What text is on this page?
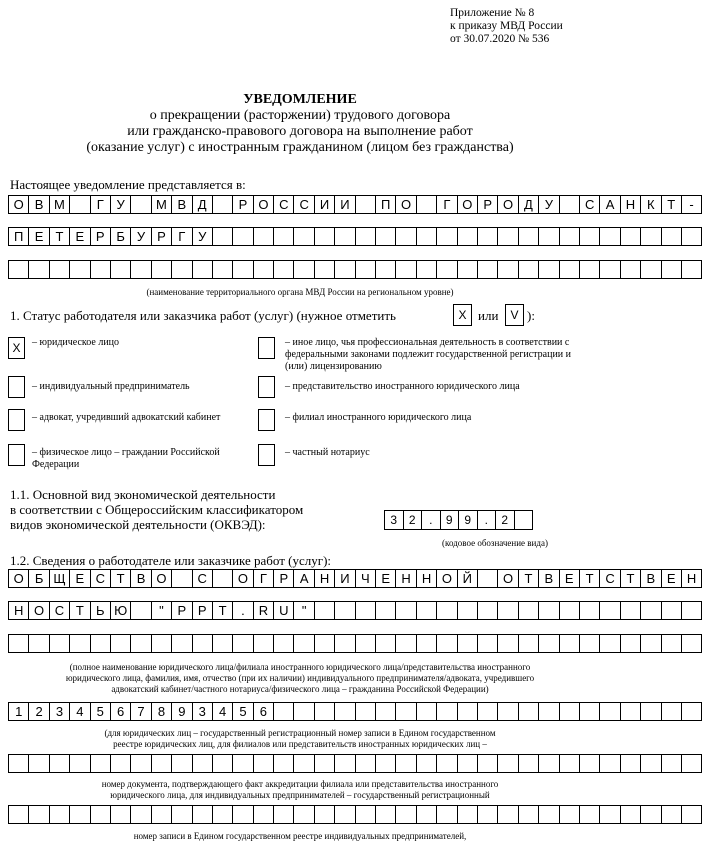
Приложение № 8
к приказу МВД России
от 30.07.2020 № 536
УВЕДОМЛЕНИЕ
о прекращении (расторжении) трудового договора
или гражданско-правового договора на выполнение работ
(оказание услуг) с иностранным гражданином (лицом без гражданства)
Настоящее уведомление представляется в:
О В М	Г У	М В Д	Р О С С И И	П О	Г О Р О Д У	С А Н К Т	-
П Е Т Е Р Б У Р Г У
(наименование территориального органа МВД России на региональном уровне)
1. Статус работодателя или заказчика работ (услуг) (нужное отметить	X или	V ):
X	– юридическое лицо
– индивидуальный предприниматель
– адвокат, учредивший адвокатский кабинет
– физическое лицо – граждании Российской Федерации
– иное лицо, чья профессиональная деятельность в соответствии с федеральными законами подлежит государственной регистрации и (или) лицензированию
– представительство иностранного юридического лица
– филиал иностранного юридического лица
– частный нотариус
1.1. Основной вид экономической деятельности
в соответствии с Общероссийским классификатором
видов экономической деятельности (ОКВЭД):	3 2	.	9 9	.	2
(кодовое обозначение вида)
1.2. Сведения о работодателе или заказчике работ (услуг):
О Б Щ Е С Т В О	С	О Г Р А Н И Ч Е Н Н О Й	О Т В Е Т С Т В Е Н
Н О С Т Ь Ю	"	Р Р Т	.	R U	"
(полное наименование юридического лица/филиала иностранного юридического лица/представительства иностранного
юридического лица, фамилия, имя, отчество (при их наличии) индивидуального предпринимателя/адвоката, учредившего
адвокатский кабинет/частного нотариуса/физического лица – гражданина Российской Федерации)
1	2	3	4	5	6	7	8	9	3	4	5	6
(для юридических лиц – государственный регистрационный номер записи в Едином государственном
реестре юридических лиц, для филиалов или представительств иностранных юридических лиц –
номер документа, подтверждающего факт аккредитации филиала или представительства иностранного
юридического лица, для индивидуальных предпринимателей – государственный регистрационный
номер записи в Едином государственном реестре индивидуальных предпринимателей,
